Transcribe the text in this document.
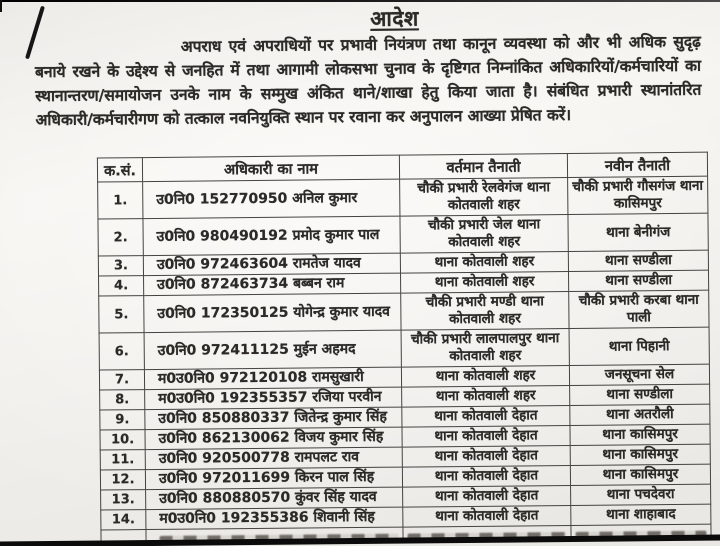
आदेश

अपराध एवं अपराधियों पर प्रभावी नियंत्रण तथा कानून व्यवस्था को और भी अधिक सुदृढ़ बनाये रखने के उद्देश्य से जनहित में तथा आगामी लोकसभा चुनाव के दृष्टिगत निम्नांकित अधिकारियों/कर्मचारियों का स्थानान्तरण/समायोजन उनके नाम के सम्मुख अंकित थाने/शाखा हेतु किया जाता है। संबंधित प्रभारी स्थानांतरित अधिकारी/कर्मचारीगण को तत्काल नवनियुक्ति स्थान पर रवाना कर अनुपालन आख्या प्रेषित करें।

क.सं.	अधिकारी का नाम	वर्तमान तैनाती	नवीन तैनाती
1.	उ0नि0 152770950 अनिल कुमार	चौकी प्रभारी रेलवेगंज थाना कोतवाली शहर	चौकी प्रभारी गौसगंज थाना कासिमपुर
2.	उ0नि0 980490192 प्रमोद कुमार पाल	चौकी प्रभारी जेल थाना कोतवाली शहर	थाना बेनीगंज
3.	उ0नि0 972463604 रामतेज यादव	थाना कोतवाली शहर	थाना सण्डीला
4.	उ0नि0 872463734 बब्बन राम	थाना कोतवाली शहर	थाना सण्डीला
5.	उ0नि0 172350125 योगेन्द्र कुमार यादव	चौकी प्रभारी मण्डी थाना कोतवाली शहर	चौकी प्रभारी करबा थाना पाली
6.	उ0नि0 972411125 मुईन अहमद	चौकी प्रभारी लालपालपुर थाना कोतवाली शहर	थाना पिहानी
7.	म0उ0नि0 972120108 रामसुखारी	थाना कोतवाली शहर	जनसूचना सेल
8.	म0उ0नि0 192355357 रजिया परवीन	थाना कोतवाली शहर	थाना सण्डीला
9.	उ0नि0 850880337 जितेन्द्र कुमार सिंह	थाना कोतवाली देहात	थाना अतरौली
10.	उ0नि0 862130062 विजय कुमार सिंह	थाना कोतवाली देहात	थाना कासिमपुर
11.	उ0नि0 920500778 रामपलट राव	थाना कोतवाली देहात	थाना कासिमपुर
12.	उ0नि0 972011699 किरन पाल सिंह	थाना कोतवाली देहात	थाना कासिमपुर
13.	उ0नि0 880880570 कुंवर सिंह यादव	थाना कोतवाली देहात	थाना पचदेवरा
14.	म0उ0नि0 192355386 शिवानी सिंह	थाना कोतवाली देहात	थाना शाहाबाद
